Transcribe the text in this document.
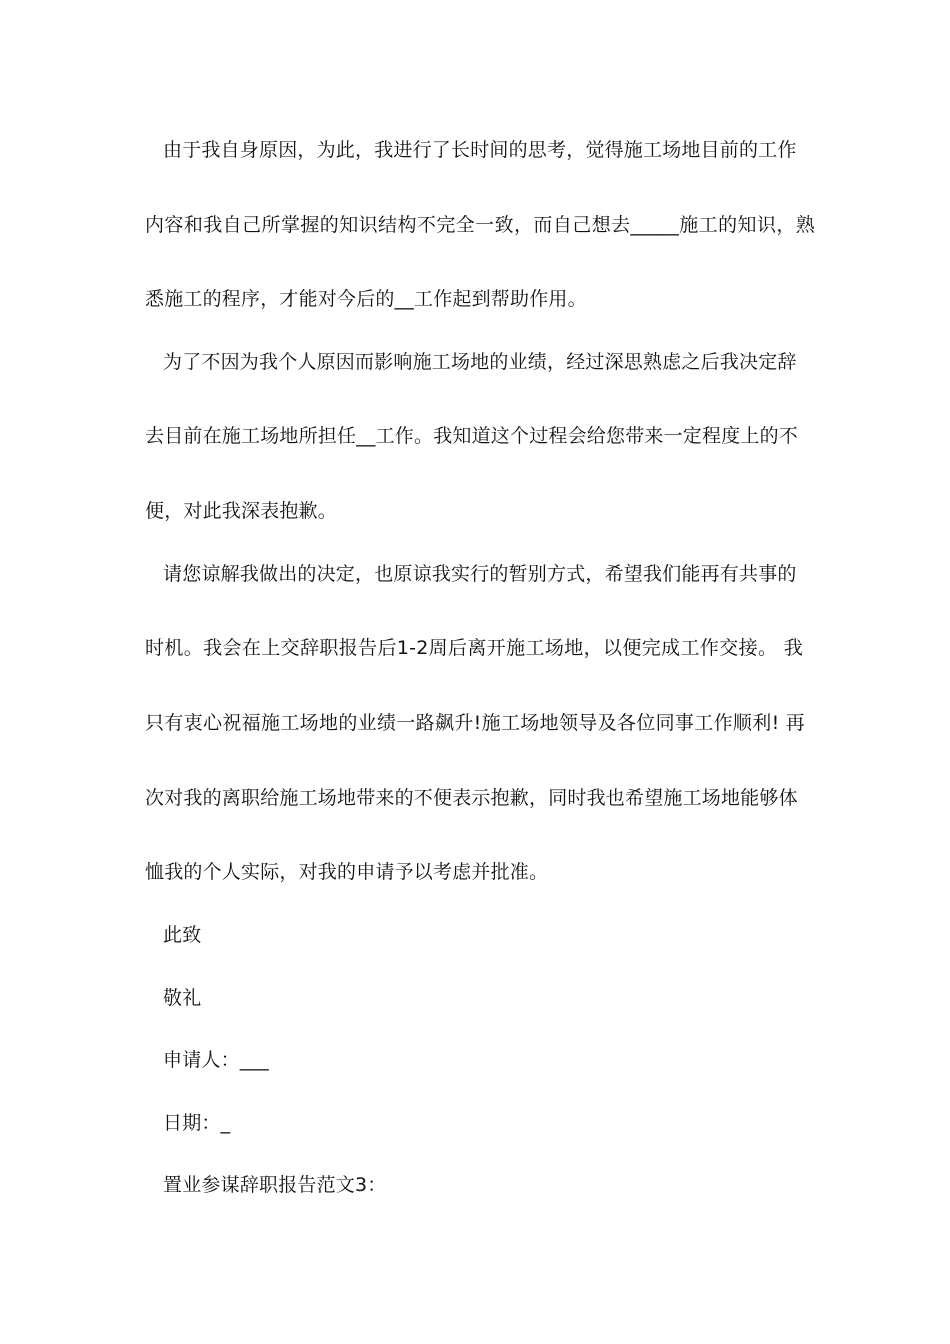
由于我自身原因，为此，我进行了长时间的思考，觉得施工场地目前的工作
内容和我自己所掌握的知识结构不完全一致，而自己想去_____施工的知识，熟
悉施工的程序，才能对今后的__工作起到帮助作用。
为了不因为我个人原因而影响施工场地的业绩，经过深思熟虑之后我决定辞
去目前在施工场地所担任__工作。我知道这个过程会给您带来一定程度上的不
便，对此我深表抱歉。
请您谅解我做出的决定，也原谅我实行的暂别方式，希望我们能再有共事的
时机。我会在上交辞职报告后1-2周后离开施工场地，以便完成工作交接。 我
只有衷心祝福施工场地的业绩一路飙升!施工场地领导及各位同事工作顺利! 再
次对我的离职给施工场地带来的不便表示抱歉，同时我也希望施工场地能够体
恤我的个人实际，对我的申请予以考虑并批准。
此致
敬礼
申请人：___
日期：_
置业参谋辞职报告范文3：
